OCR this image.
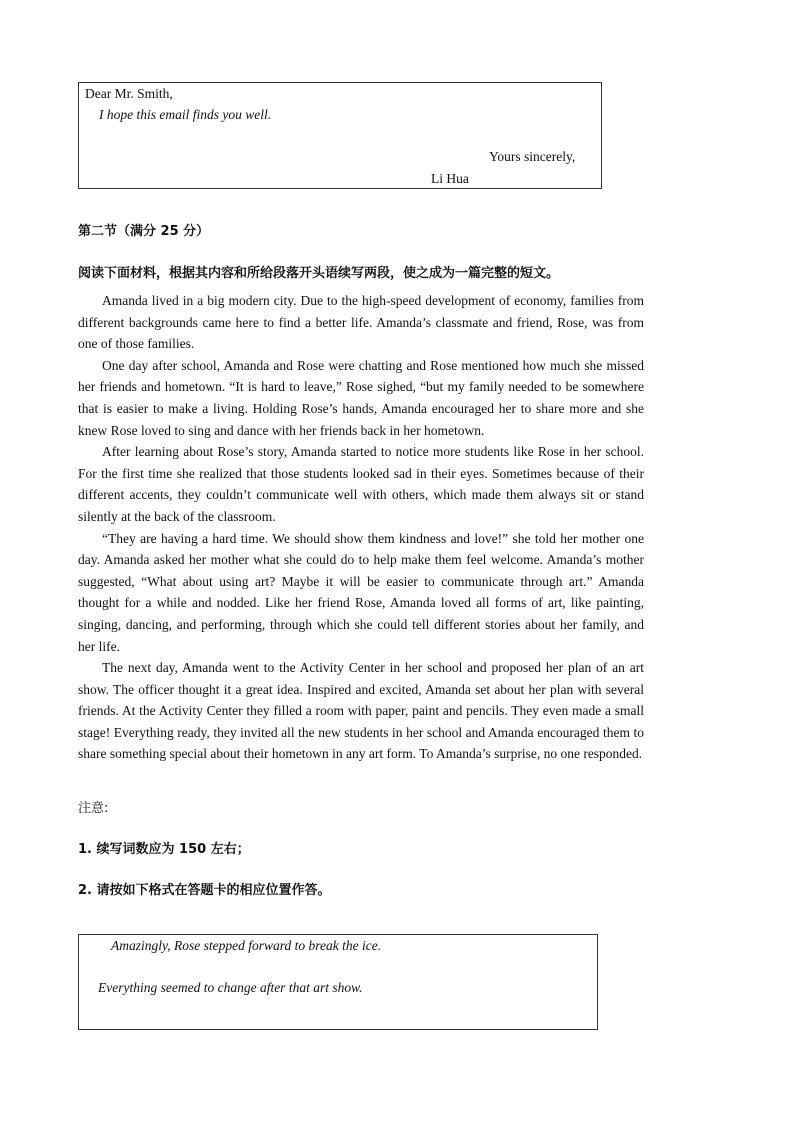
Dear Mr. Smith,
I hope this email finds you well.
Yours sincerely,
Li Hua
第二节（满分 25 分）
阅读下面材料，根据其内容和所给段落开头语续写两段，使之成为一篇完整的短文。

Amanda lived in a big modern city. Due to the high-speed development of economy, families from different backgrounds came here to find a better life. Amanda’s classmate and friend, Rose, was from one of those families.

One day after school, Amanda and Rose were chatting and Rose mentioned how much she missed her friends and hometown. “It is hard to leave,” Rose sighed, “but my family needed to be somewhere that is easier to make a living. Holding Rose’s hands, Amanda encouraged her to share more and she knew Rose loved to sing and dance with her friends back in her hometown.

After learning about Rose’s story, Amanda started to notice more students like Rose in her school. For the first time she realized that those students looked sad in their eyes. Sometimes because of their different accents, they couldn’t communicate well with others, which made them always sit or stand silently at the back of the classroom.

“They are having a hard time. We should show them kindness and love!” she told her mother one day. Amanda asked her mother what she could do to help make them feel welcome. Amanda’s mother suggested, “What about using art? Maybe it will be easier to communicate through art.” Amanda thought for a while and nodded. Like her friend Rose, Amanda loved all forms of art, like painting, singing, dancing, and performing, through which she could tell different stories about her family, and her life.

The next day, Amanda went to the Activity Center in her school and proposed her plan of an art show. The officer thought it a great idea. Inspired and excited, Amanda set about her plan with several friends. At the Activity Center they filled a room with paper, paint and pencils. They even made a small stage! Everything ready, they invited all the new students in her school and Amanda encouraged them to share something special about their hometown in any art form. To Amanda’s surprise, no one responded.

注意:
1. 续写词数应为 150 左右；
2. 请按如下格式在答题卡的相应位置作答。
Amazingly, Rose stepped forward to break the ice.
Everything seemed to change after that art show.
